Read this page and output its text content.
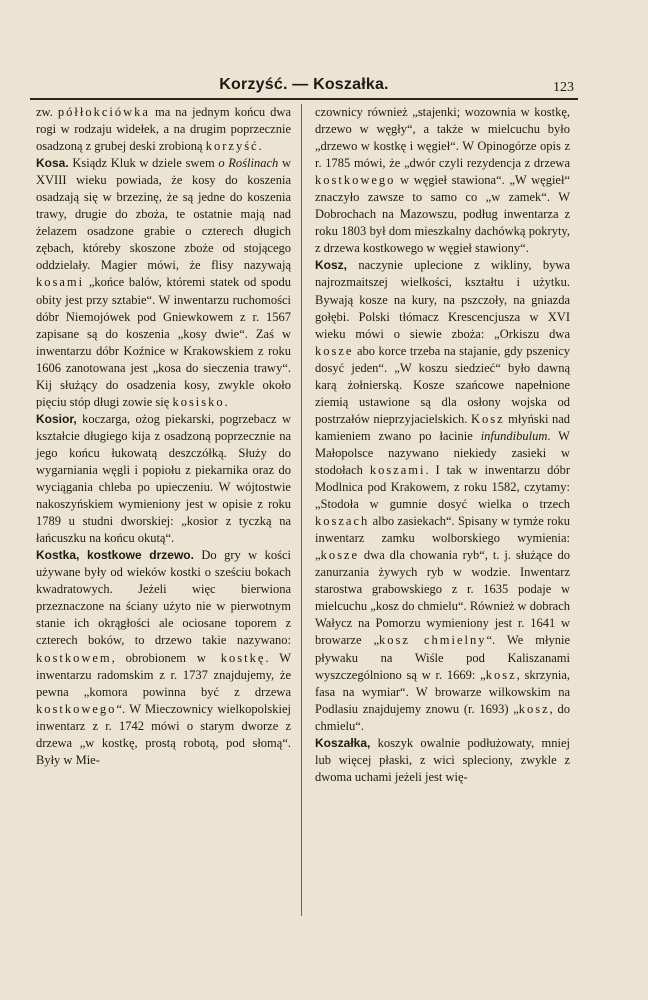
Korzyść. — Koszałka.	123

zw. półłokciówka ma na jednym końcu dwa rogi w rodzaju widełek, a na drugim poprzecznie osadzoną z grubej deski zrobioną korzyść.

Kosa. Ksiądz Kluk w dziele swem o Roślinach w XVIII wieku powiada, że kosy do koszenia osadzają się w brzezinę, że są jedne do koszenia trawy, drugie do zboża, te ostatnie mają nad żelazem osadzone grabie o czterech długich zębach, któreby skoszone zboże od stojącego oddzielały. Magier mówi, że flisy nazywają kosami „końce balów, któremi statek od spodu obity jest przy sztabie“. W inwentarzu ruchomości dóbr Niemojówek pod Gniewkowem z r. 1567 zapisane są do koszenia „kosy dwie“. Zaś w inwentarzu dóbr Koźnice w Krakowskiem z roku 1606 zanotowana jest „kosa do sieczenia trawy“. Kij służący do osadzenia kosy, zwykle około pięciu stóp długi zowie się kosisko.

Kosior, koczarga, ożog piekarski, pogrzebacz w kształcie długiego kija z osadzoną poprzecznie na jego końcu łukowatą deszczółką. Służy do wygarniania węgli i popiołu z piekarnika oraz do wyciągania chleba po upieczeniu. W wójtostwie nakoszyńskiem wymieniony jest w opisie z roku 1789 u studni dworskiej: „kosior z tyczką na łańcuszku na końcu okutą“.

Kostka, kostkowe drzewo. Do gry w kości używane były od wieków kostki o sześciu bokach kwadratowych. Jeżeli więc bierwiona przeznaczone na ściany użyto nie w pierwotnym stanie ich okrągłości ale ociosane toporem z czterech boków, to drzewo takie nazywano: kostkowem, obrobionem w kostkę. W inwentarzu radomskim z r. 1737 znajdujemy, że pewna „komora powinna być z drzewa kostkowego“. W Mieczownicy wielkopolskiej inwentarz z r. 1742 mówi o starym dworze z drzewa „w kostkę, prostą robotą, pod słomą“. Były w Mie-

czownicy również „stajenki; wozownia w kostkę, drzewo w węgły“, a także w mielcuchu było „drzewo w kostkę i węgieł“. W Opinogórze opis z r. 1785 mówi, że „dwór czyli rezydencja z drzewa kostkowego w węgieł stawiona“. „W węgieł“ znaczyło zawsze to samo co „w zamek“. W Dobrochach na Mazowszu, podług inwentarza z roku 1803 był dom mieszkalny dachówką pokryty, z drzewa kostkowego w węgieł stawiony“.

Kosz, naczynie uplecione z wikliny, bywa najrozmaitszej wielkości, kształtu i użytku. Bywają kosze na kury, na pszczoły, na gniazda gołębi. Polski tłómacz Krescencjusza w XVI wieku mówi o siewie zboża: „Orkiszu dwa kosze abo korce trzeba na stajanie, gdy pszenicy dosyć jeden“. „W koszu siedzieć“ było dawną karą żołnierską. Kosze szańcowe napełnione ziemią ustawione są dla osłony wojska od postrzałów nieprzyjacielskich. Kosz młyński nad kamieniem zwano po łacinie infundibulum. W Małopolsce nazywano niekiedy zasieki w stodołach koszami. I tak w inwentarzu dóbr Modlnica pod Krakowem, z roku 1582, czytamy: „Stodoła w gumnie dosyć wielka o trzech koszach albo zasiekach“. Spisany w tymże roku inwentarz zamku wolborskiego wymienia: „kosze dwa dla chowania ryb“, t. j. służące do zanurzania żywych ryb w wodzie. Inwentarz starostwa grabowskiego z r. 1635 podaje w mielcuchu „kosz do chmielu“. Również w dobrach Wałycz na Pomorzu wymieniony jest r. 1641 w browarze „kosz chmielny“. We młynie pływaku na Wiśle pod Kaliszanami wyszczególniono są w r. 1669: „kosz, skrzynia, fasa na wymiar“. W browarze wilkowskim na Podlasiu znajdujemy znowu (r. 1693) „kosz, do chmielu“.

Koszałka, koszyk owalnie podłużowaty, mniej lub więcej płaski, z wici spleciony, zwykle z dwoma uchami jeżeli jest wię-
